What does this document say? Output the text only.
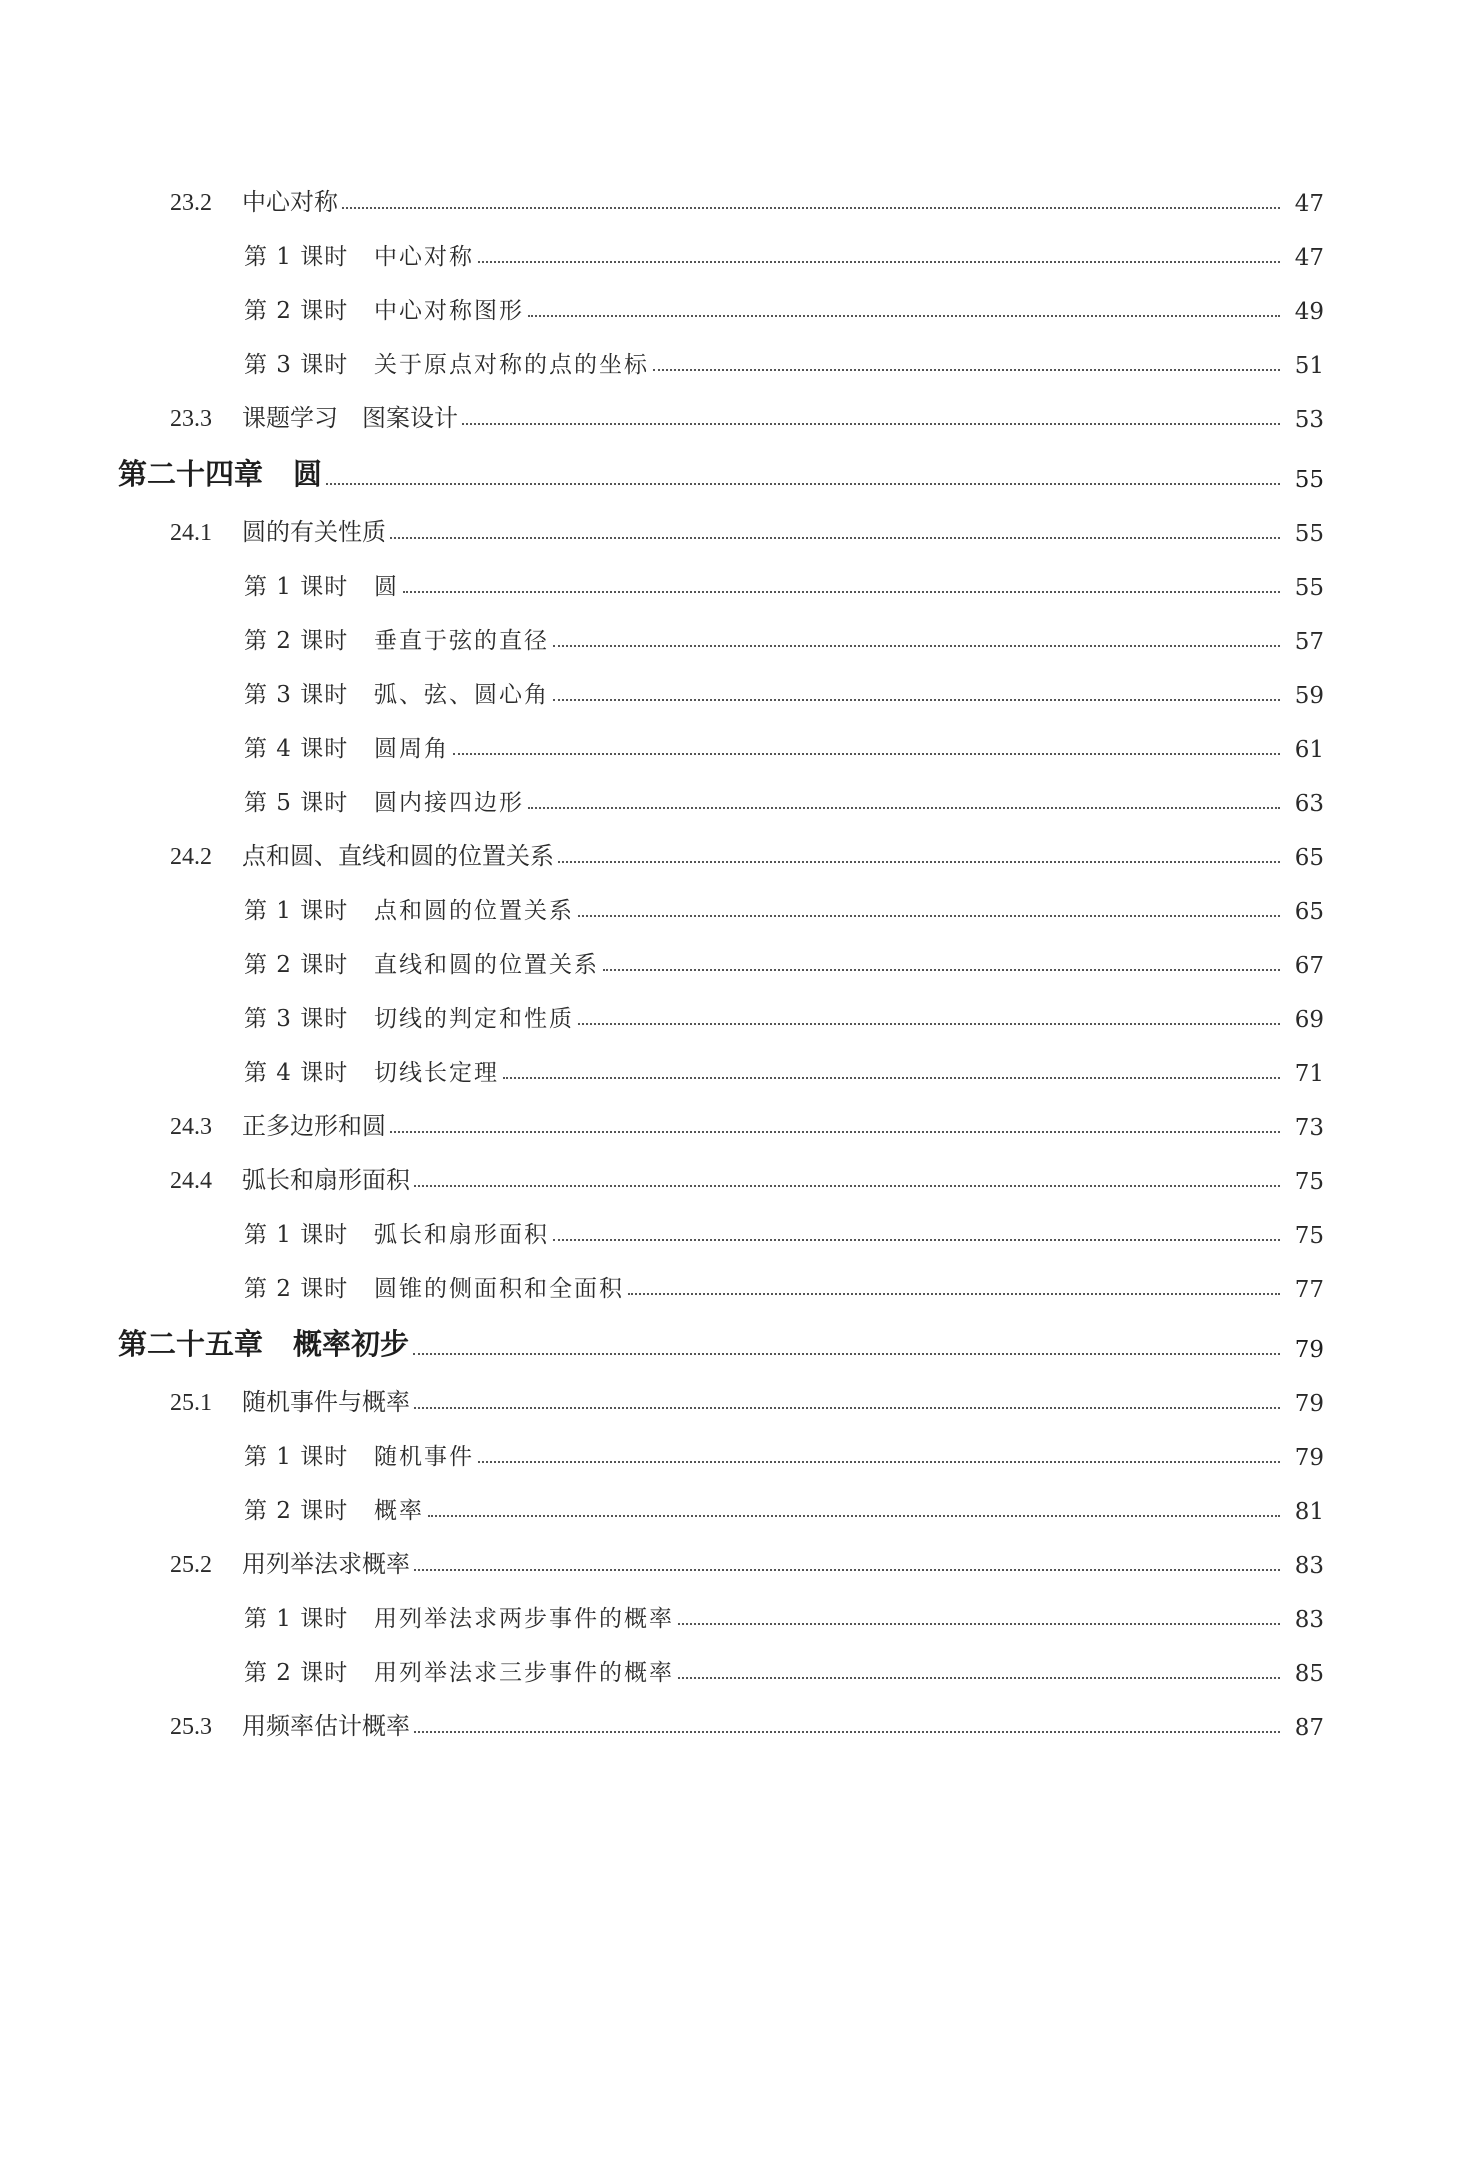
23.2	中心对称	47
第 1 课时	中心对称	47
第 2 课时	中心对称图形	49
第 3 课时	关于原点对称的点的坐标	51
23.3	课题学习　图案设计	53
第二十四章 圆	55
24.1	圆的有关性质	55
第 1 课时	圆	55
第 2 课时	垂直于弦的直径	57
第 3 课时	弧、弦、圆心角	59
第 4 课时	圆周角	61
第 5 课时	圆内接四边形	63
24.2	点和圆、直线和圆的位置关系	65
第 1 课时	点和圆的位置关系	65
第 2 课时	直线和圆的位置关系	67
第 3 课时	切线的判定和性质	69
第 4 课时	切线长定理	71
24.3	正多边形和圆	73
24.4	弧长和扇形面积	75
第 1 课时	弧长和扇形面积	75
第 2 课时	圆锥的侧面积和全面积	77
第二十五章 概率初步	79
25.1	随机事件与概率	79
第 1 课时	随机事件	79
第 2 课时	概率	81
25.2	用列举法求概率	83
第 1 课时	用列举法求两步事件的概率	83
第 2 课时	用列举法求三步事件的概率	85
25.3	用频率估计概率	87
